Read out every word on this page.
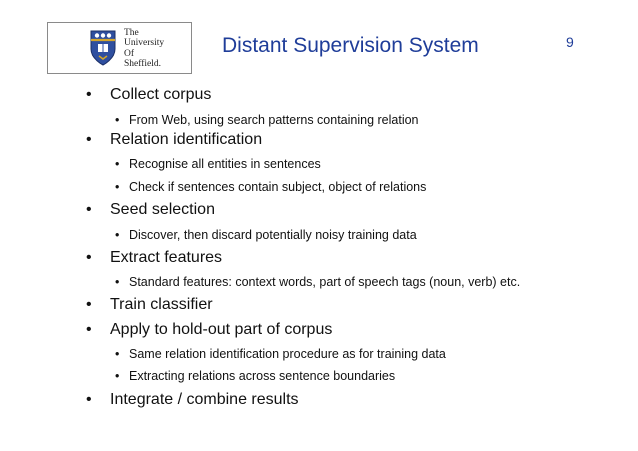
The
University
Of
Sheffield.
Distant Supervision System	9
• Collect corpus
• From Web, using search patterns containing relation
• Relation identification
• Recognise all entities in sentences
• Check if sentences contain subject, object of relations
• Seed selection
• Discover, then discard potentially noisy training data
• Extract features
• Standard features: context words, part of speech tags (noun, verb) etc.
• Train classifier
• Apply to hold-out part of corpus
• Same relation identification procedure as for training data
• Extracting relations across sentence boundaries
• Integrate / combine results
